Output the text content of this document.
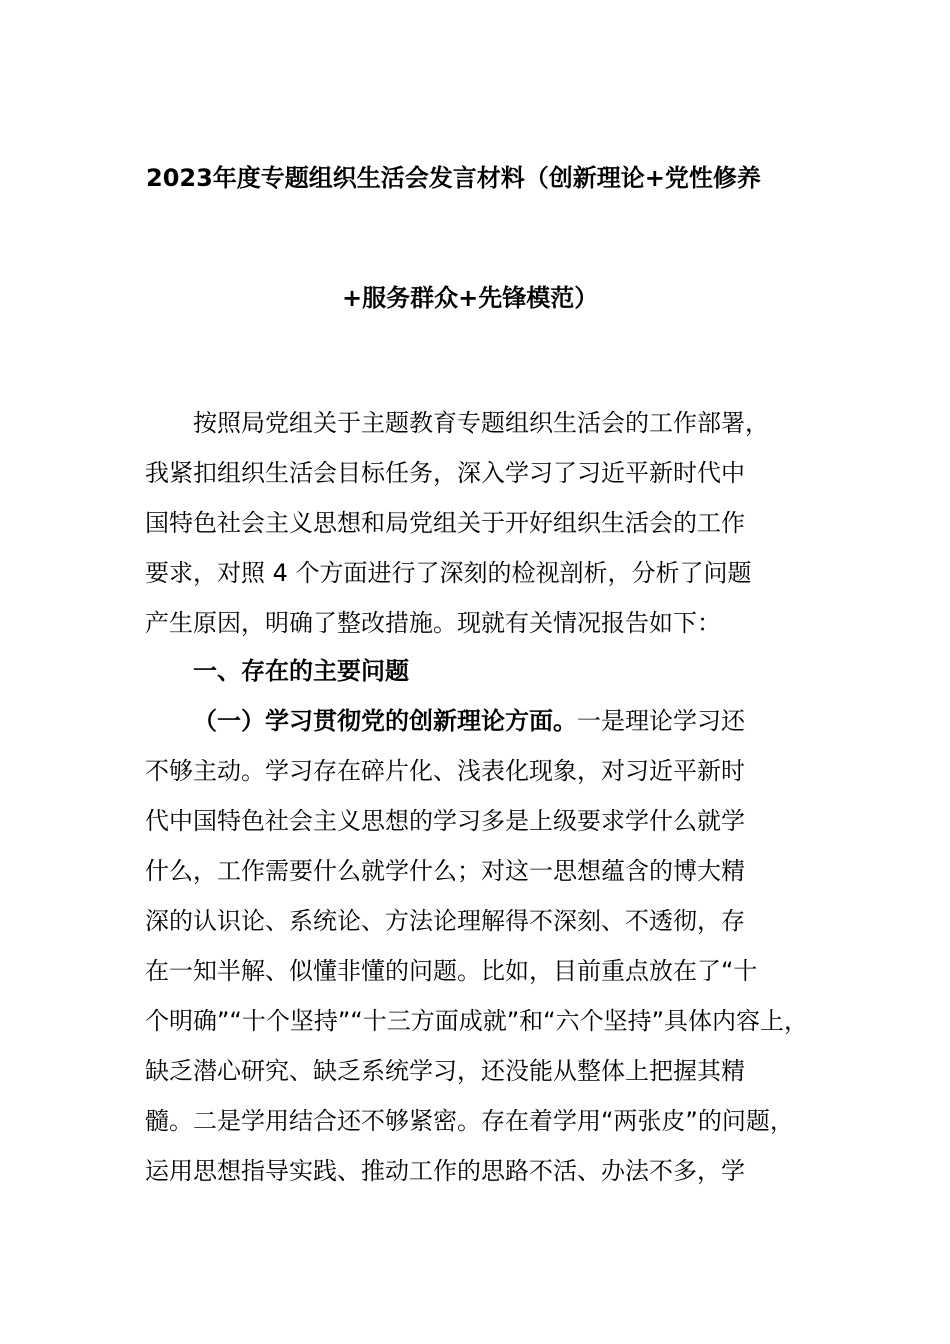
2023年度专题组织生活会发言材料（创新理论+党性修养
+服务群众+先锋模范）
按照局党组关于主题教育专题组织生活会的工作部署，
我紧扣组织生活会目标任务，深入学习了习近平新时代中
国特色社会主义思想和局党组关于开好组织生活会的工作
要求，对照 4 个方面进行了深刻的检视剖析，分析了问题
产生原因，明确了整改措施。现就有关情况报告如下：
一、存在的主要问题
（一）学习贯彻党的创新理论方面。一是理论学习还
不够主动。学习存在碎片化、浅表化现象，对习近平新时
代中国特色社会主义思想的学习多是上级要求学什么就学
什么，工作需要什么就学什么；对这一思想蕴含的博大精
深的认识论、系统论、方法论理解得不深刻、不透彻，存
在一知半解、似懂非懂的问题。比如，目前重点放在了“十
个明确”“十个坚持”“十三方面成就”和“六个坚持”具体内容上，
缺乏潜心研究、缺乏系统学习，还没能从整体上把握其精
髓。二是学用结合还不够紧密。存在着学用“两张皮”的问题，
运用思想指导实践、推动工作的思路不活、办法不多，学
